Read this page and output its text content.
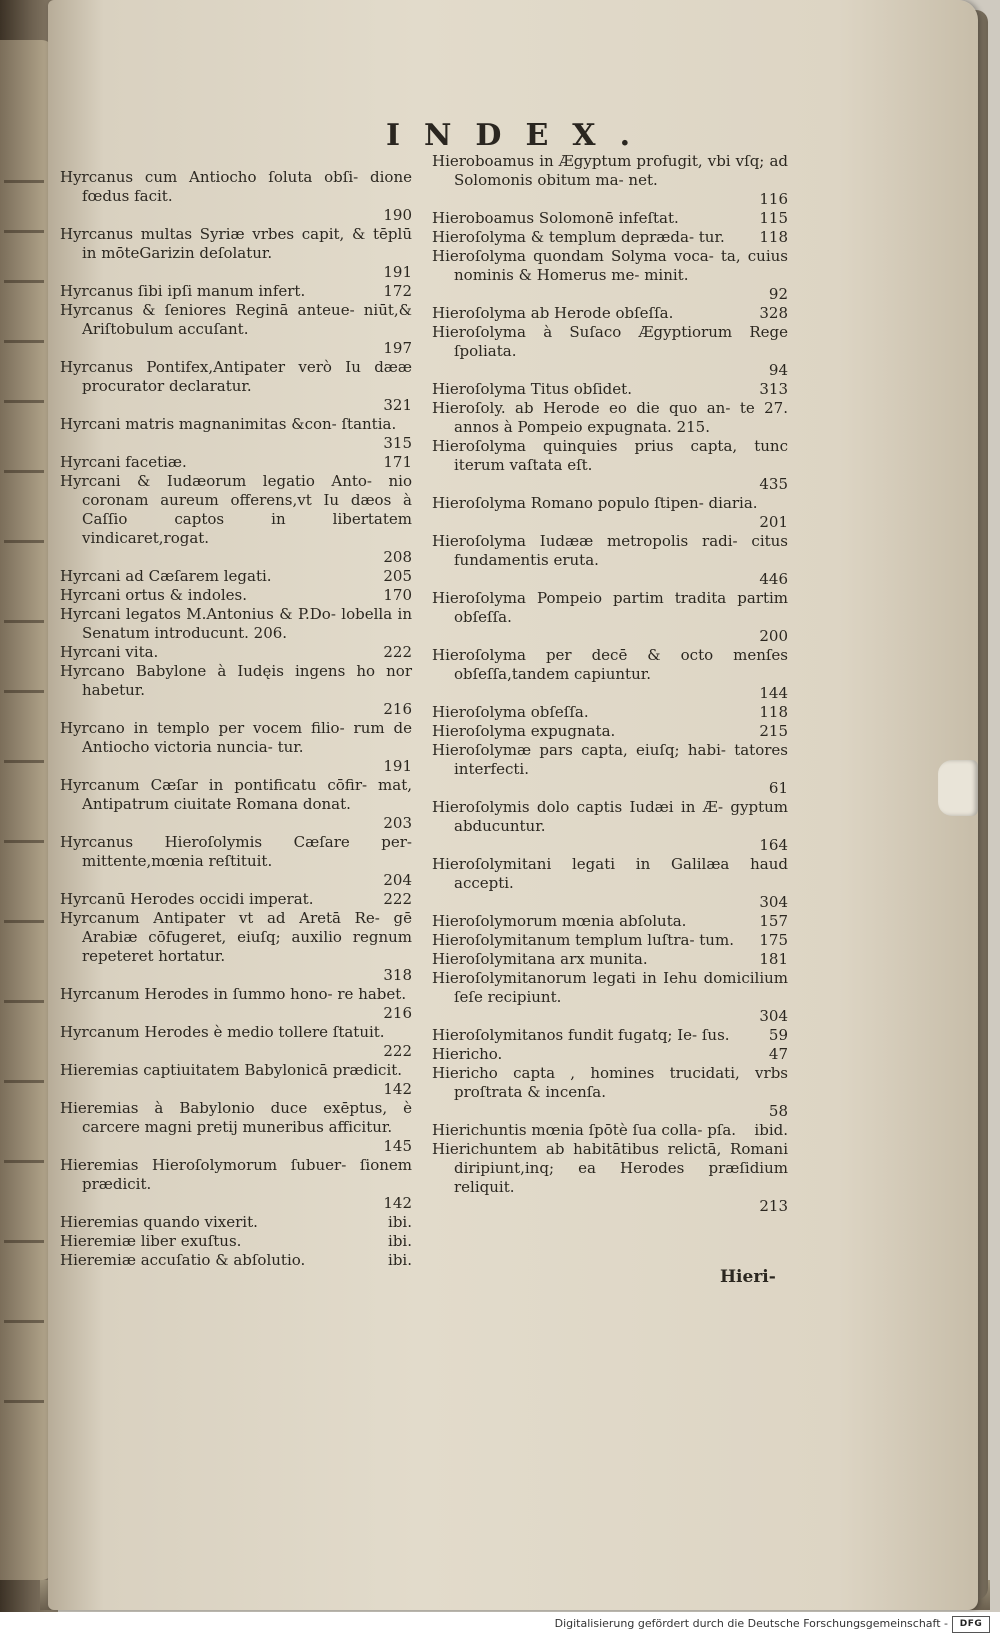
INDEX.
Hyrcanus cum Antiocho ſoluta obſi- dione fœdus facit.
190
Hyrcanus multas Syriæ vrbes capit, & tēplū in mōteGarizin deſolatur.
191
Hyrcanus ſibi ipſi manum infert.	172
Hyrcanus & ſeniores Reginā anteue- niūt,& Ariſtobulum accuſant.
197
Hyrcanus Pontifex,Antipater verò Iu dææ procurator declaratur.
321
Hyrcani matris magnanimitas &con- ſtantia.
315
Hyrcani facetiæ.	171
Hyrcani & Iudæorum legatio Anto- nio coronam aureum offerens,vt Iu dæos à Caſſio captos in libertatem vindicaret,rogat.
208
Hyrcani ad Cæſarem legati.	205
Hyrcani ortus & indoles.	170
Hyrcani legatos M.Antonius & P.Do- lobella in Senatum introducunt. 206.
Hyrcani vita.	222
Hyrcano Babylone à Iudęis ingens ho nor habetur.
216
Hyrcano in templo per vocem filio- rum de Antiocho victoria nuncia- tur.
191
Hyrcanum Cæſar in pontificatu cōfir- mat, Antipatrum ciuitate Romana donat.
203
Hyrcanus Hieroſolymis Cæſare per- mittente,mœnia reſtituit.
204
Hyrcanū Herodes occidi imperat.	222
Hyrcanum Antipater vt ad Aretā Re- gē Arabiæ cōfugeret, eiuſq; auxilio regnum repeteret hortatur.
318
Hyrcanum Herodes in ſummo hono- re habet.
216
Hyrcanum Herodes è medio tollere ſtatuit.
222
Hieremias captiuitatem Babylonicā prædicit.
142
Hieremias à Babylonio duce exēptus, è carcere magni pretij muneribus afficitur.
145
Hieremias Hieroſolymorum ſubuer- ſionem prædicit.
142
Hieremias quando vixerit.	ibi.
Hieremiæ liber exuſtus.	ibi.
Hieremiæ accuſatio & abſolutio.	ibi.
Hieroboamus in Ægyptum profugit, vbi vſq; ad Solomonis obitum ma- net.
116
Hieroboamus Solomonē infeſtat.	115
Hieroſolyma & templum depræda- tur.	118
Hieroſolyma quondam Solyma voca- ta, cuius nominis & Homerus me- minit.
92
Hieroſolyma ab Herode obſeſſa.	328
Hieroſolyma à Suſaco Ægyptiorum Rege ſpoliata.
94
Hieroſolyma Titus obſidet.	313
Hieroſoly. ab Herode eo die quo an- te 27. annos à Pompeio expugnata. 215.
Hieroſolyma quinquies prius capta, tunc iterum vaſtata eſt.
435
Hieroſolyma Romano populo ſtipen- diaria.
201
Hieroſolyma Iudææ metropolis radi- citus fundamentis eruta.
446
Hieroſolyma Pompeio partim tradita partim obſeſſa.
200
Hieroſolyma per decē & octo menſes obſeſſa,tandem capiuntur.
144
Hieroſolyma obſeſſa.	118
Hieroſolyma expugnata.	215
Hieroſolymæ pars capta, eiuſq; habi- tatores interfecti.
61
Hieroſolymis dolo captis Iudæi in Æ- gyptum abducuntur.
164
Hieroſolymitani legati in Galilæa haud accepti.
304
Hieroſolymorum mœnia abſoluta.	157
Hieroſolymitanum templum luſtra- tum.	175
Hieroſolymitana arx munita.	181
Hieroſolymitanorum legati in Iehu domicilium ſeſe recipiunt.
304
Hieroſolymitanos fundit fugatq; Ie- ſus.	59
Hiericho.	47
Hiericho capta , homines trucidati, vrbs proſtrata & incenſa.
58
Hierichuntis mœnia ſpōtè ſua colla- pſa.	ibid.
Hierichuntem ab habitātibus relictā, Romani diripiunt,inq; ea Herodes præſidium reliquit.
213
Hieri-
Digitalisierung gefördert durch die Deutsche Forschungsgemeinschaft -	DFG
